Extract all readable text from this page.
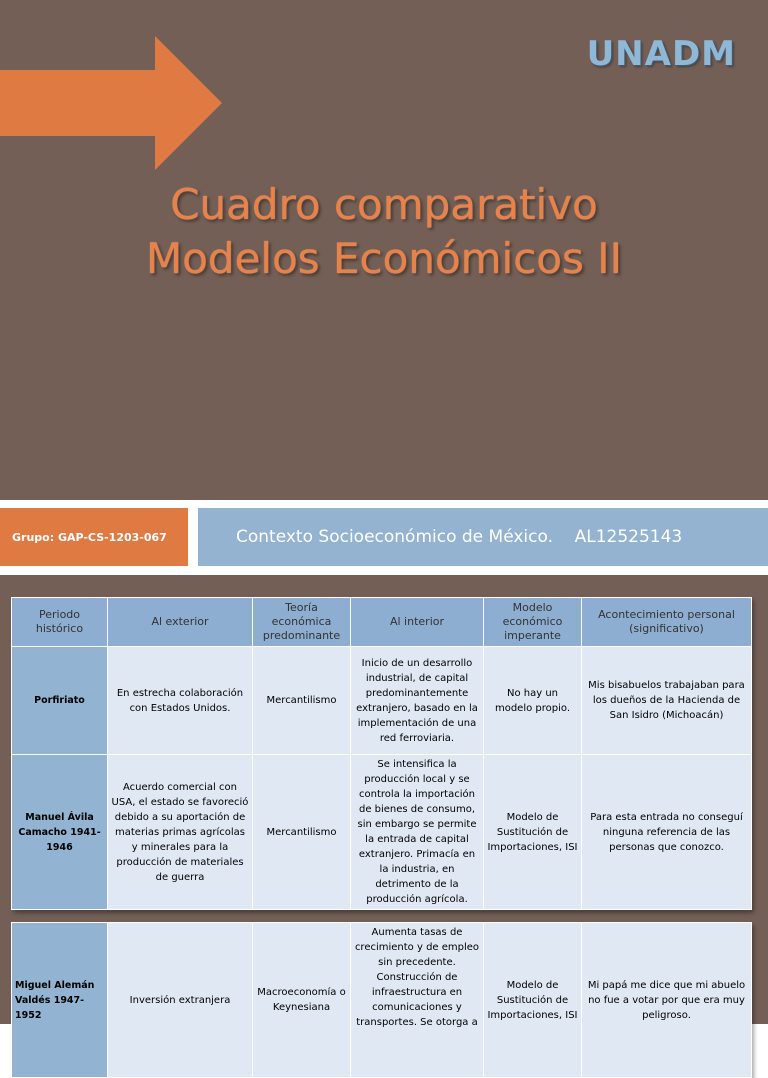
UNADM
Cuadro comparativo
Modelos Económicos II
Grupo: GAP-CS-1203-067	Contexto Socioeconómico de México.    AL12525143
Periodo histórico	Al exterior	Teoría económica predominante	Al interior	Modelo económico imperante	Acontecimiento personal (significativo)
Porfiriato	En estrecha colaboración con Estados Unidos.	Mercantilismo	Inicio de un desarrollo industrial, de capital predominantemente extranjero, basado en la implementación de una red ferroviaria.	No hay un modelo propio.	Mis bisabuelos trabajaban para los dueños de la Hacienda de San Isidro (Michoacán)
Manuel Ávila Camacho 1941-1946	Acuerdo comercial con USA, el estado se favoreció debido a su aportación de materias primas agrícolas y minerales para la producción de materiales de guerra	Mercantilismo	Se intensifica la producción local y se controla la importación de bienes de consumo, sin embargo se permite la entrada de capital extranjero. Primacía en la industria, en detrimento de la producción agrícola.	Modelo de Sustitución de Importaciones, ISI	Para esta entrada no conseguí ninguna referencia de las personas que conozco.
Miguel Alemán Valdés 1947-1952	Inversión extranjera	Macroeconomía o Keynesiana	Aumenta tasas de crecimiento y de empleo sin precedente. Construcción de infraestructura en comunicaciones y transportes. Se otorga a	Modelo de Sustitución de Importaciones, ISI	Mi papá me dice que mi abuelo no fue a votar por que era muy peligroso.
